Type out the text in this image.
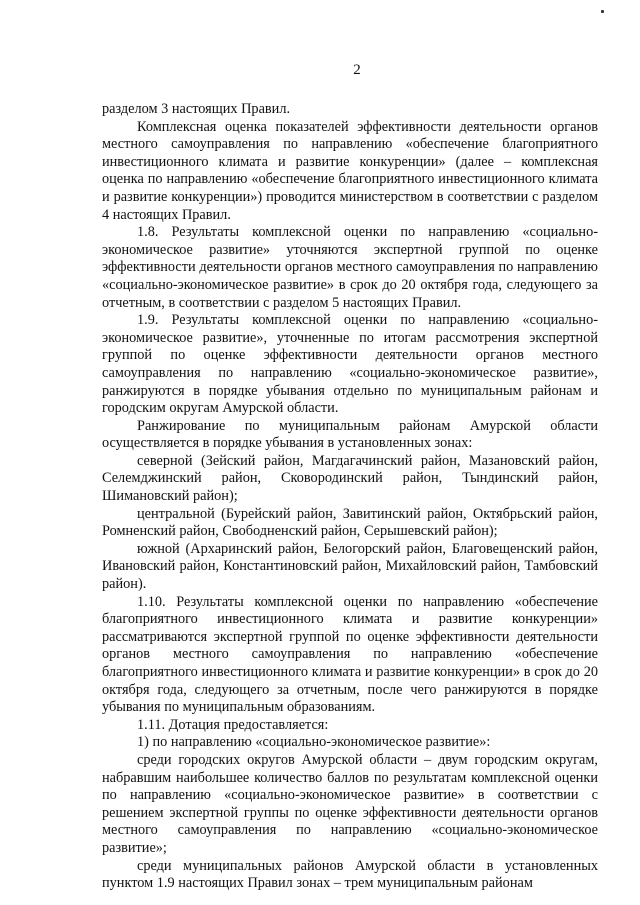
2

разделом 3 настоящих Правил.

Комплексная оценка показателей эффективности деятельности органов местного самоуправления по направлению «обеспечение благоприятного инвестиционного климата и развитие конкуренции» (далее – комплексная оценка по направлению «обеспечение благоприятного инвестиционного климата и развитие конкуренции») проводится министерством в соответствии с разделом 4 настоящих Правил.

1.8. Результаты комплексной оценки по направлению «социально-экономическое развитие» уточняются экспертной группой по оценке эффективности деятельности органов местного самоуправления по направлению «социально-экономическое развитие» в срок до 20 октября года, следующего за отчетным, в соответствии с разделом 5 настоящих Правил.

1.9. Результаты комплексной оценки по направлению «социально-экономическое развитие», уточненные по итогам рассмотрения экспертной группой по оценке эффективности деятельности органов местного самоуправления по направлению «социально-экономическое развитие», ранжируются в порядке убывания отдельно по муниципальным районам и городским округам Амурской области.

Ранжирование по муниципальным районам Амурской области осуществляется в порядке убывания в установленных зонах:

северной (Зейский район, Магдагачинский район, Мазановский район, Селемджинский район, Сковородинский район, Тындинский район, Шимановский район);

центральной (Бурейский район, Завитинский район, Октябрьский район, Ромненский район, Свободненский район, Серышевский район);

южной (Архаринский район, Белогорский район, Благовещенский район, Ивановский район, Константиновский район, Михайловский район, Тамбовский район).

1.10. Результаты комплексной оценки по направлению «обеспечение благоприятного инвестиционного климата и развитие конкуренции» рассматриваются экспертной группой по оценке эффективности деятельности органов местного самоуправления по направлению «обеспечение благоприятного инвестиционного климата и развитие конкуренции» в срок до 20 октября года, следующего за отчетным, после чего ранжируются в порядке убывания по муниципальным образованиям.

1.11. Дотация предоставляется:

1) по направлению «социально-экономическое развитие»:

среди городских округов Амурской области – двум городским округам, набравшим наибольшее количество баллов по результатам комплексной оценки по направлению «социально-экономическое развитие» в соответствии с решением экспертной группы по оценке эффективности деятельности органов местного самоуправления по направлению «социально-экономическое развитие»;

среди муниципальных районов Амурской области в установленных пунктом 1.9 настоящих Правил зонах – трем муниципальным районам
